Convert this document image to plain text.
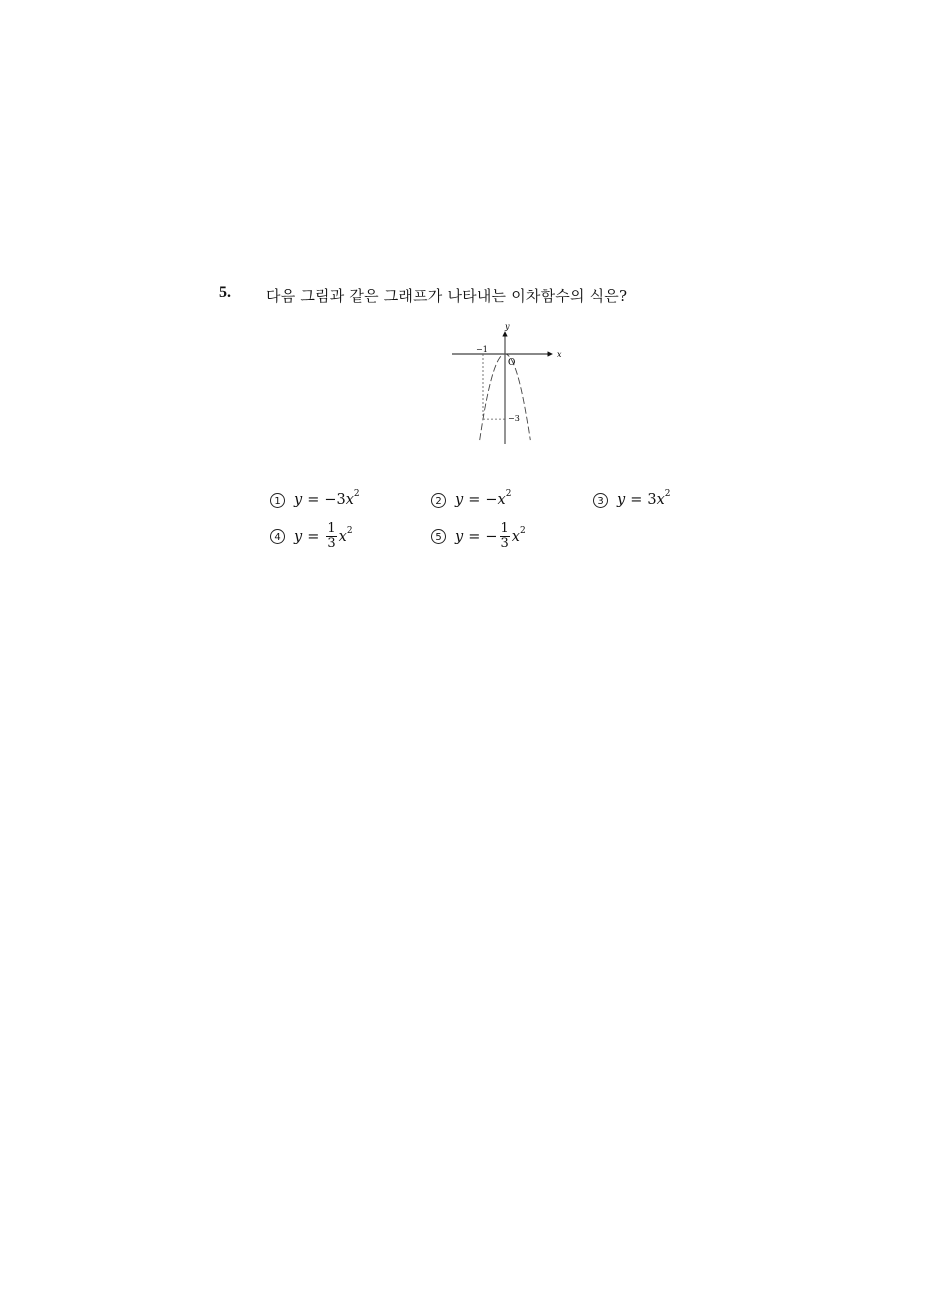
5. 다음 그림과 같은 그래프가 나타내는 이차함수의 식은?
x
y
O
−1
−3
1 y = −3 $x^2$
2 y = − $x^2$
3 y = 3 $x^2$
4 $y = \frac{1}{3} x^2$
5 y = − $\frac{1}{3} x^2$
